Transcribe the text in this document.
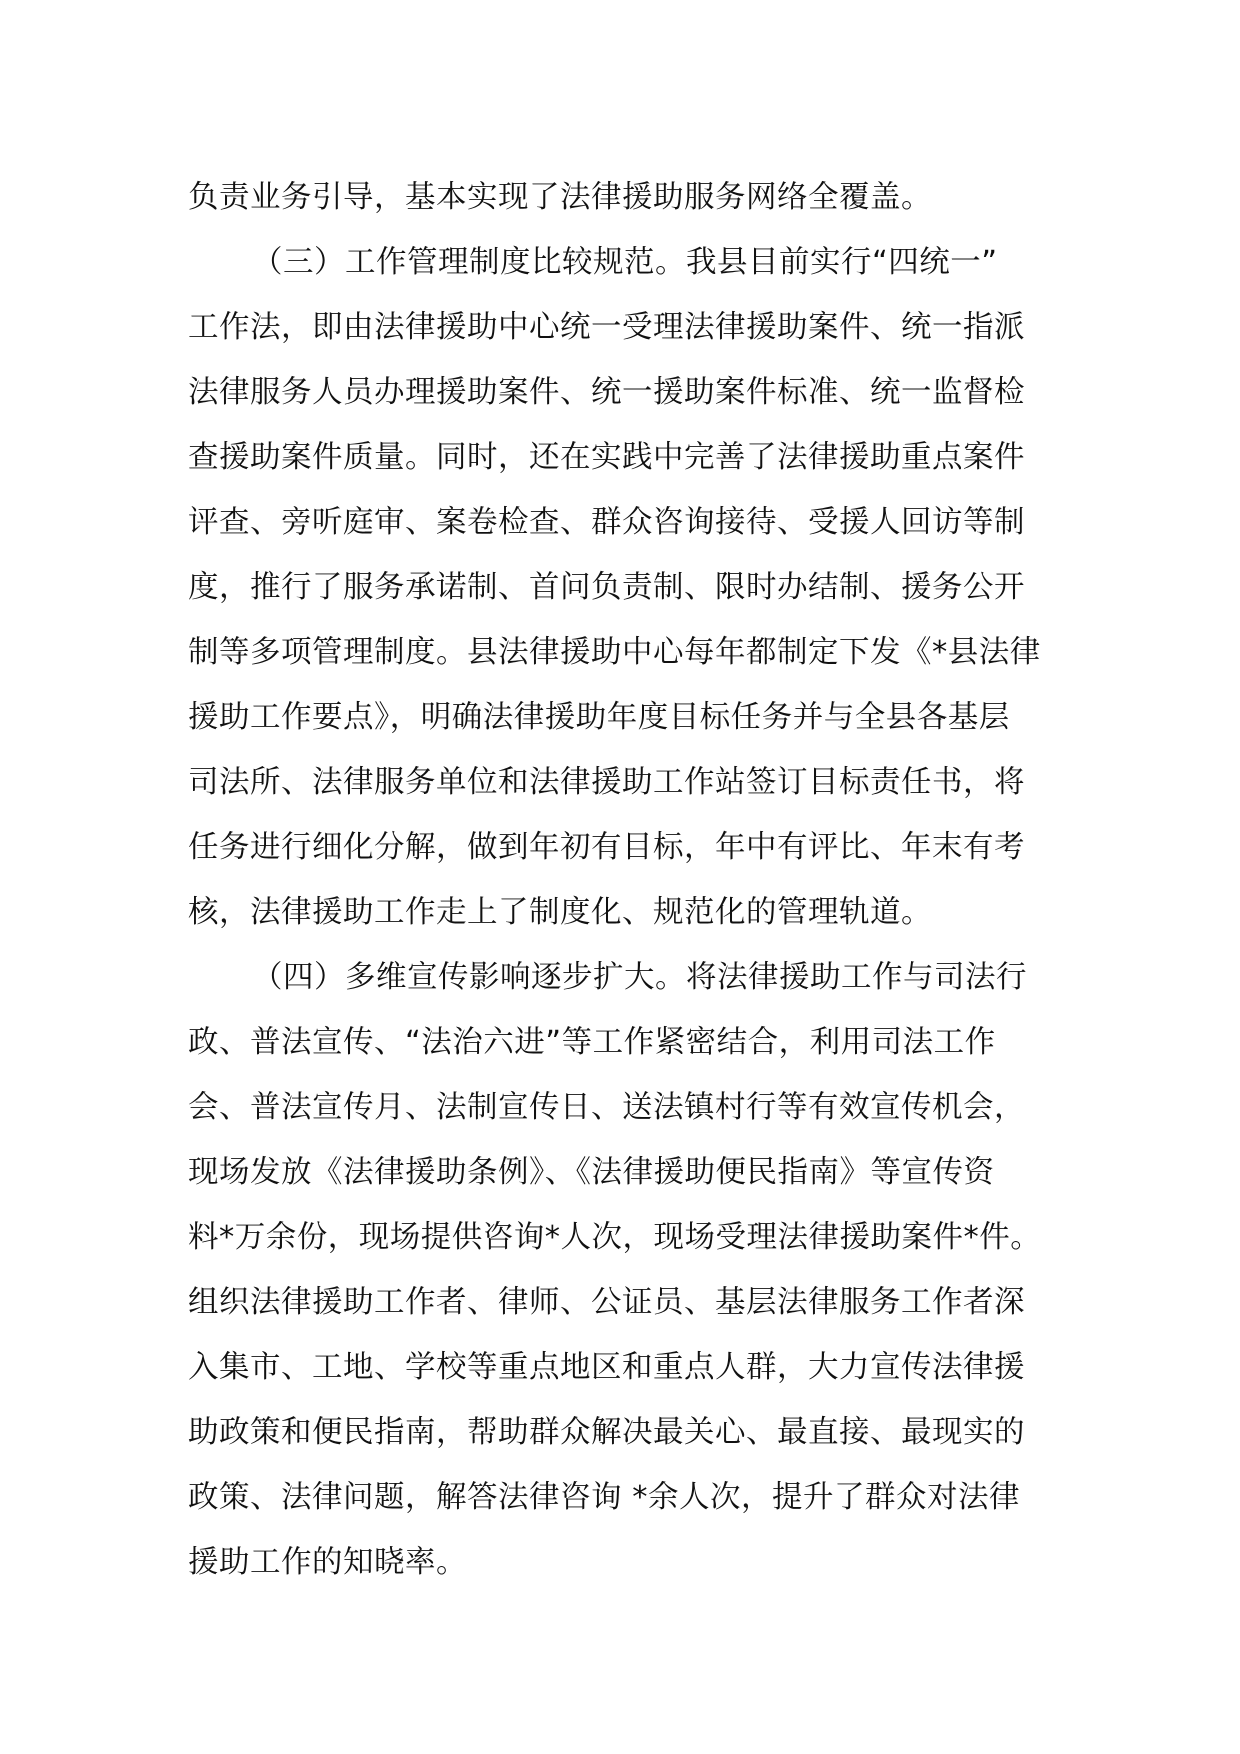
负责业务引导，基本实现了法律援助服务网络全覆盖。
（三）工作管理制度比较规范。我县目前实行“四统一”
工作法，即由法律援助中心统一受理法律援助案件、统一指派
法律服务人员办理援助案件、统一援助案件标准、统一监督检
查援助案件质量。同时，还在实践中完善了法律援助重点案件
评查、旁听庭审、案卷检查、群众咨询接待、受援人回访等制
度，推行了服务承诺制、首问负责制、限时办结制、援务公开
制等多项管理制度。县法律援助中心每年都制定下发《*县法律
援助工作要点》，明确法律援助年度目标任务并与全县各基层
司法所、法律服务单位和法律援助工作站签订目标责任书，将
任务进行细化分解，做到年初有目标，年中有评比、年末有考
核，法律援助工作走上了制度化、规范化的管理轨道。
（四）多维宣传影响逐步扩大。将法律援助工作与司法行
政、普法宣传、“法治六进”等工作紧密结合，利用司法工作
会、普法宣传月、法制宣传日、送法镇村行等有效宣传机会，
现场发放《法律援助条例》、《法律援助便民指南》等宣传资
料*万余份，现场提供咨询*人次，现场受理法律援助案件*件。
组织法律援助工作者、律师、公证员、基层法律服务工作者深
入集市、工地、学校等重点地区和重点人群，大力宣传法律援
助政策和便民指南，帮助群众解决最关心、最直接、最现实的
政策、法律问题，解答法律咨询 *余人次，提升了群众对法律
援助工作的知晓率。
